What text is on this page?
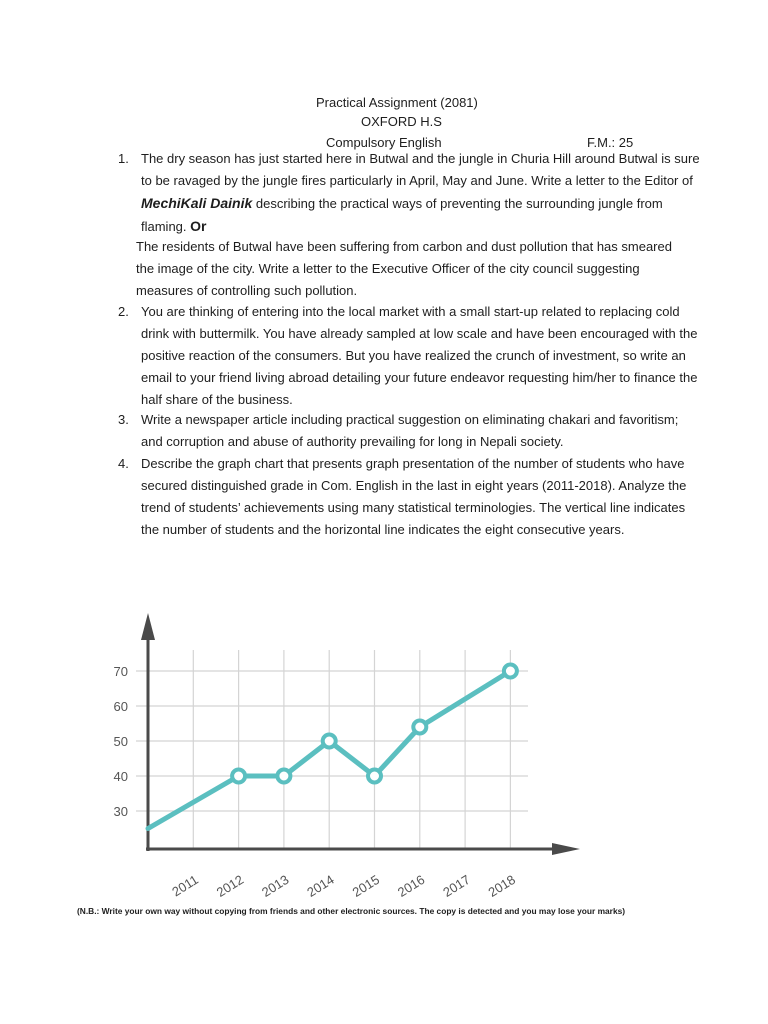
Practical Assignment (2081)
OXFORD H.S
Compulsory English	F.M.: 25
1. The dry season has just started here in Butwal and the jungle in Churia Hill around Butwal is sure to be ravaged by the jungle fires particularly in April, May and June. Write a letter to the Editor of MechiKali Dainik describing the practical ways of preventing the surrounding jungle from flaming. Or
The residents of Butwal have been suffering from carbon and dust pollution that has smeared the image of the city. Write a letter to the Executive Officer of the city council suggesting measures of controlling such pollution.
2. You are thinking of entering into the local market with a small start-up related to replacing cold drink with buttermilk. You have already sampled at low scale and have been encouraged with the positive reaction of the consumers. But you have realized the crunch of investment, so write an email to your friend living abroad detailing your future endeavor requesting him/her to finance the half share of the business.
3. Write a newspaper article including practical suggestion on eliminating chakari and favoritism; and corruption and abuse of authority prevailing for long in Nepali society.
4. Describe the graph chart that presents graph presentation of the number of students who have secured distinguished grade in Com. English in the last in eight years (2011-2018). Analyze the trend of students’ achievements using many statistical terminologies. The vertical line indicates the number of students and the horizontal line indicates the eight consecutive years.
30
40
50
60
70
2011 2012 2013 2014 2015 2016 2017 2018
(N.B.: Write your own way without copying from friends and other electronic sources. The copy is detected and you may lose your marks)
